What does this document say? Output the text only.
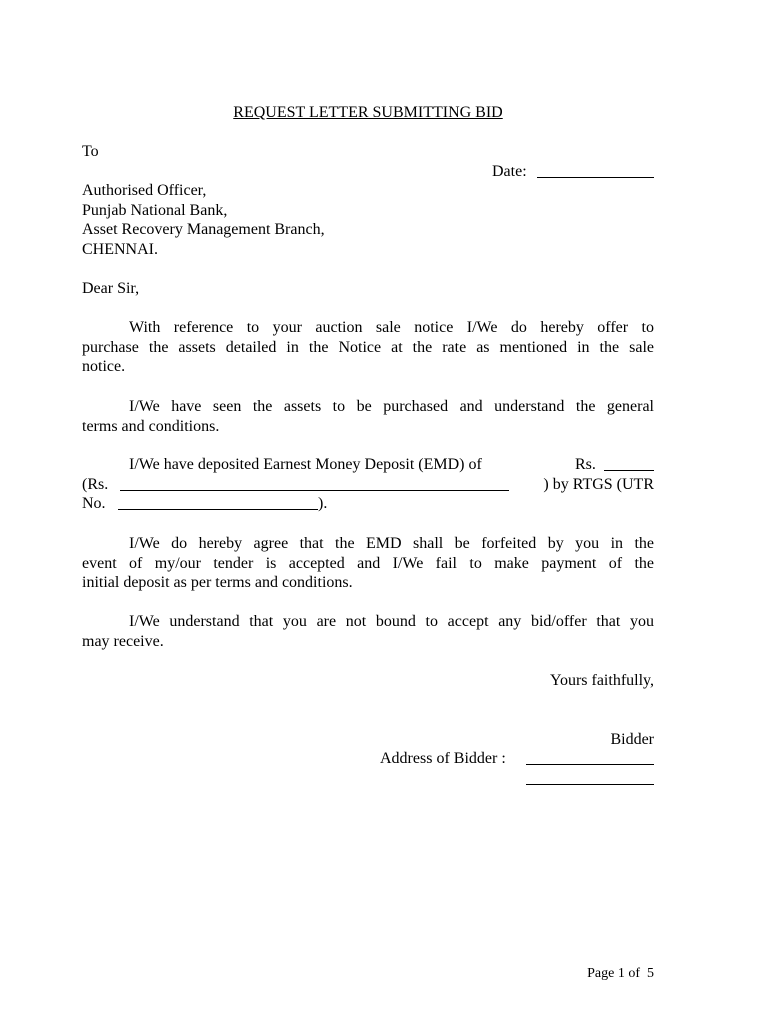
REQUEST LETTER SUBMITTING BID
To
Date:
Authorised Officer,
Punjab National Bank,
Asset Recovery Management Branch,
CHENNAI.
Dear Sir,
With reference to your auction sale notice I/We do hereby offer to
purchase the assets detailed in the Notice at the rate as mentioned in the sale
notice.
I/We have seen the assets to be purchased and understand the general
terms and conditions.
I/We have deposited Earnest Money Deposit (EMD) of	Rs.
(Rs.	) by RTGS (UTR
No.	).
I/We do hereby agree that the EMD shall be forfeited by you in the
event of my/our tender is accepted and I/We fail to make payment of the
initial deposit as per terms and conditions.
I/We understand that you are not bound to accept any bid/offer that you
may receive.
Yours faithfully,
Bidder
Address of Bidder :
Page 1 of 5
